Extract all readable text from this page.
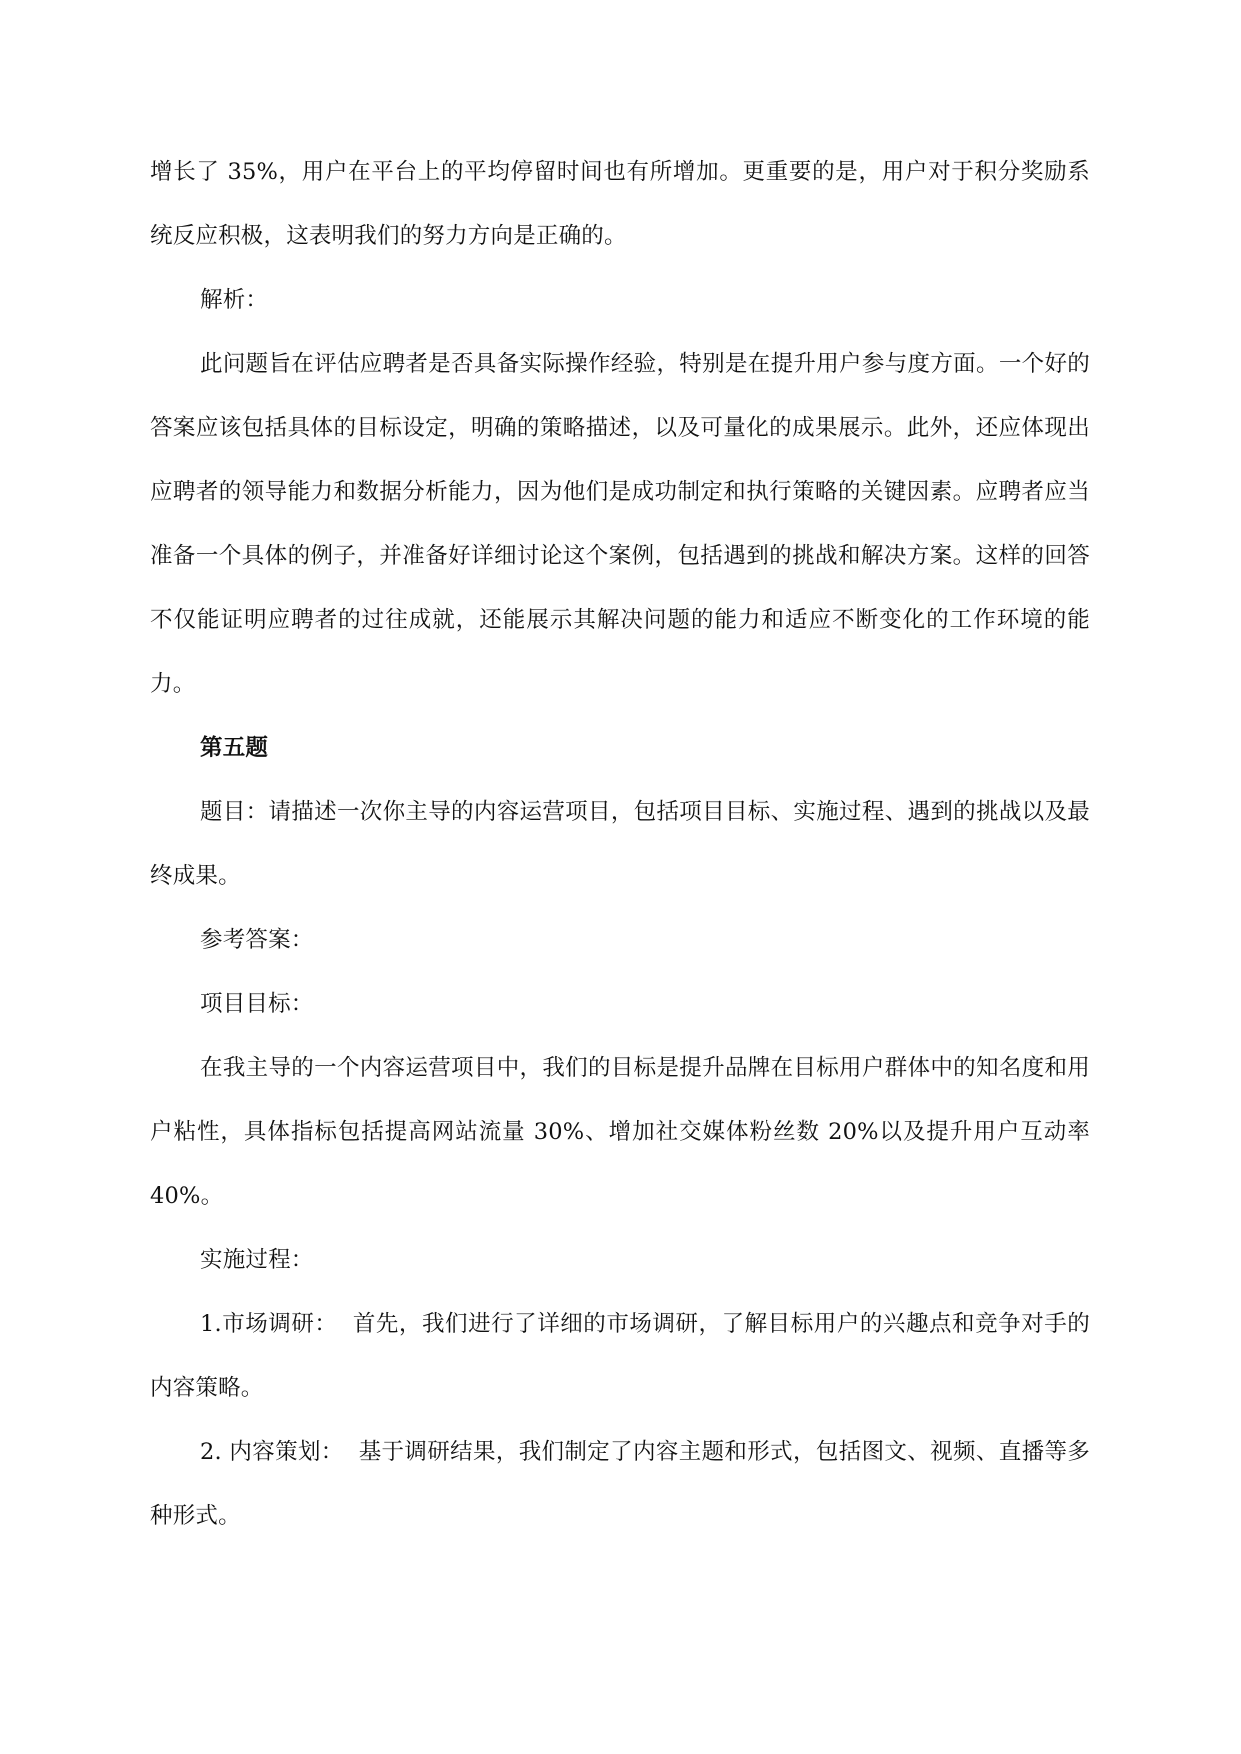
增长了 35%，用户在平台上的平均停留时间也有所增加。更重要的是，用户对于积分奖励系统反应积极，这表明我们的努力方向是正确的。

解析：

此问题旨在评估应聘者是否具备实际操作经验，特别是在提升用户参与度方面。一个好的答案应该包括具体的目标设定，明确的策略描述，以及可量化的成果展示。此外，还应体现出应聘者的领导能力和数据分析能力，因为他们是成功制定和执行策略的关键因素。应聘者应当准备一个具体的例子，并准备好详细讨论这个案例，包括遇到的挑战和解决方案。这样的回答不仅能证明应聘者的过往成就，还能展示其解决问题的能力和适应不断变化的工作环境的能力。

第五题

题目：请描述一次你主导的内容运营项目，包括项目目标、实施过程、遇到的挑战以及最终成果。

参考答案：

项目目标：

在我主导的一个内容运营项目中，我们的目标是提升品牌在目标用户群体中的知名度和用户粘性，具体指标包括提高网站流量 30%、增加社交媒体粉丝数 20%以及提升用户互动率 40%。

实施过程：

1.市场调研：  首先，我们进行了详细的市场调研，了解目标用户的兴趣点和竞争对手的内容策略。

2. 内容策划：  基于调研结果，我们制定了内容主题和形式，包括图文、视频、直播等多种形式。
